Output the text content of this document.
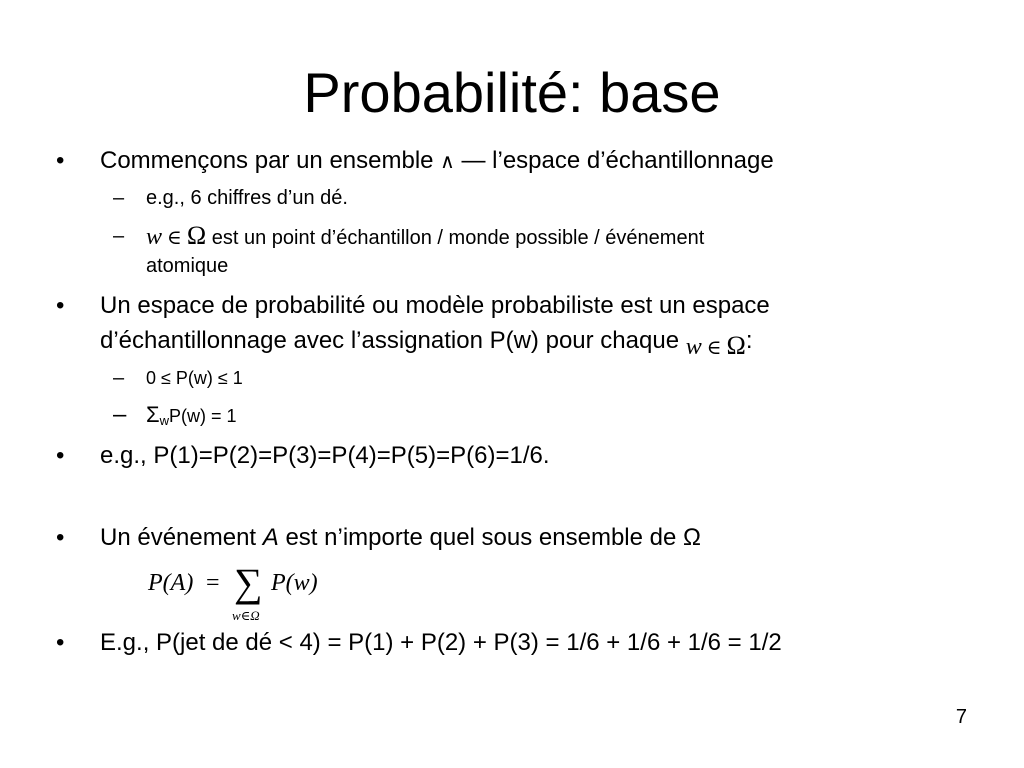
Probabilité: base
• Commençons par un ensemble ∧ — l’espace d’échantillonnage
– e.g., 6 chiffres d’un dé.
– w ∈ Ω est un point d’échantillon / monde possible / événement
atomique
• Un espace de probabilité ou modèle probabiliste est un espace
d’échantillonnage avec l’assignation P(w) pour chaque w $_\in$ Ω:
– 0 ≤ P(w) ≤ 1
– ΣwP(w) = 1
• e.g., P(1)=P(2)=P(3)=P(4)=P(5)=P(6)=1/6.
• Un événement A est n’importe quel sous ensemble de Ω
P(A) = ∑ P(w)
w∈Ω
• E.g., P(jet de dé < 4) = P(1) + P(2) + P(3) = 1/6 + 1/6 + 1/6 = 1/2
7
